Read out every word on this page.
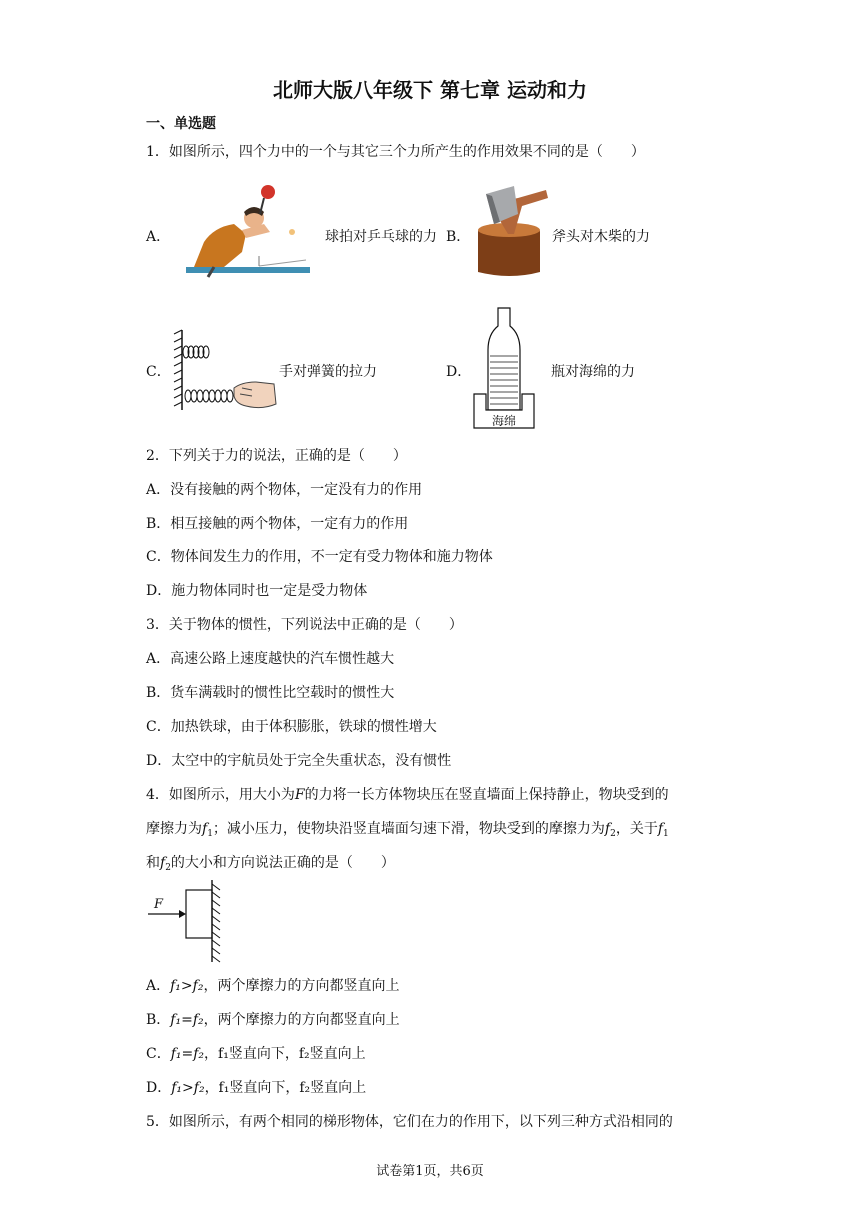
北师大版八年级下 第七章 运动和力
一、单选题
1．如图所示，四个力中的一个与其它三个力所产生的作用效果不同的是（　　）
A．	球拍对乒乓球的力 B．	斧头对木柴的力
C．	手对弹簧的拉力	D．
海绵
瓶对海绵的力
2．下列关于力的说法，正确的是（　　）
A．没有接触的两个物体，一定没有力的作用
B．相互接触的两个物体，一定有力的作用
C．物体间发生力的作用，不一定有受力物体和施力物体
D．施力物体同时也一定是受力物体
3．关于物体的惯性，下列说法中正确的是（　　）
A．高速公路上速度越快的汽车惯性越大
B．货车满载时的惯性比空载时的惯性大
C．加热铁球，由于体积膨胀，铁球的惯性增大
D．太空中的宇航员处于完全失重状态，没有惯性
4．如图所示，用大小为F的力将一长方体物块压在竖直墙面上保持静止，物块受到的
摩擦力为$f_1$；减小压力，使物块沿竖直墙面匀速下滑，物块受到的摩擦力为$f_2$，关于$f_1$
和$f_2$的大小和方向说法正确的是（　　）
F
A．f₁>f₂，两个摩擦力的方向都竖直向上
B．f₁=f₂，两个摩擦力的方向都竖直向上
C．f₁=f₂，f₁竖直向下，f₂竖直向上
D．f₁>f₂，f₁竖直向下，f₂竖直向上
5．如图所示，有两个相同的梯形物体，它们在力的作用下，以下列三种方式沿相同的
试卷第1页，共6页
